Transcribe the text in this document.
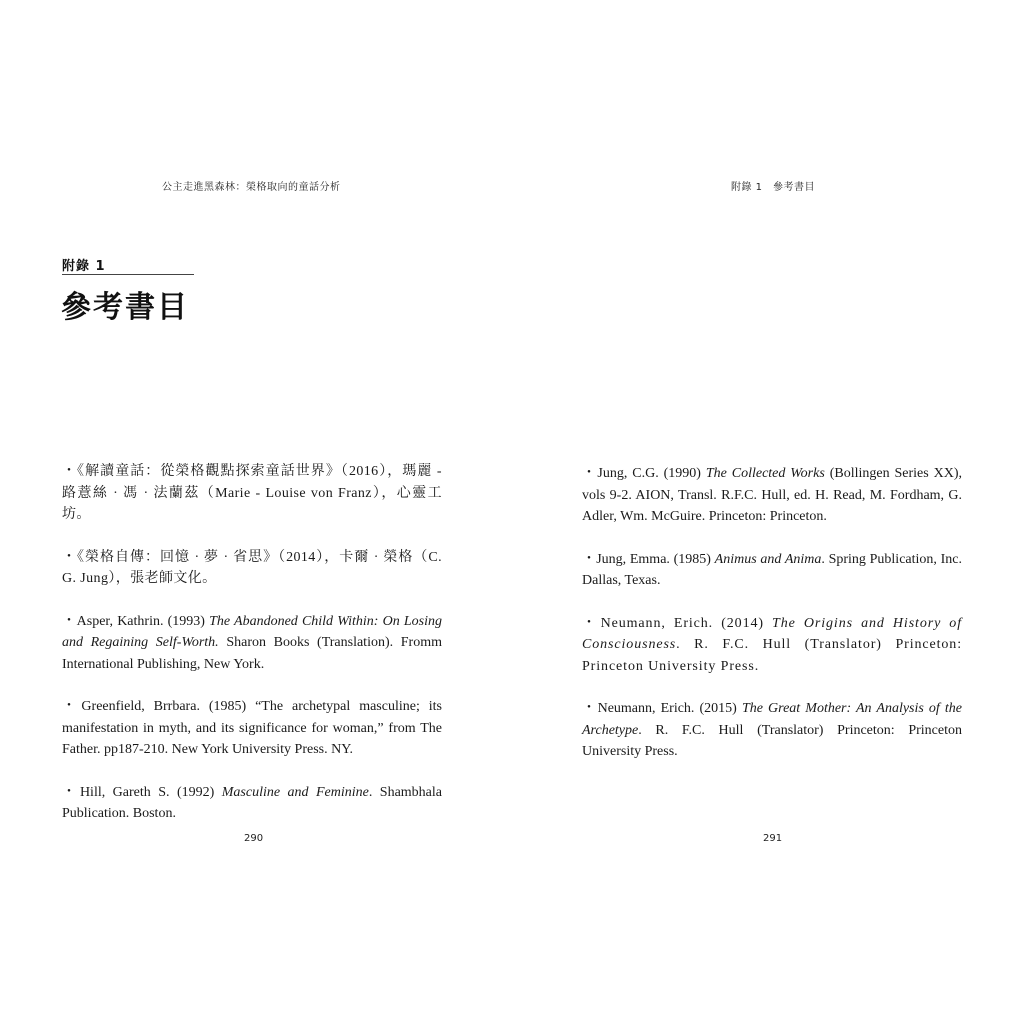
公主走進黑森林：榮格取向的童話分析
附錄 1
參考書目

・《解讀童話：從榮格觀點探索童話世界》（2016），瑪麗 - 路薏絲 · 馮 · 法蘭茲（Marie - Louise von Franz），心靈工坊。

・《榮格自傳：回憶 · 夢 · 省思》（2014），卡爾 · 榮格（C. G. Jung），張老師文化。

・Asper, Kathrin. (1993) The Abandoned Child Within: On Losing and Regaining Self-Worth. Sharon Books (Translation). Fromm International Publishing, New York.

・Greenfield, Brrbara. (1985) “The archetypal masculine; its manifestation in myth, and its significance for woman,” from The Father. pp187-210. New York University Press. NY.

・Hill, Gareth S. (1992) Masculine and Feminine. Shambhala Publication. Boston.

290
附錄 1　參考書目

・Jung, C.G. (1990) The Collected Works (Bollingen Series XX), vols 9-2. AION, Transl. R.F.C. Hull, ed. H. Read, M. Fordham, G. Adler, Wm. McGuire. Princeton: Princeton.

・Jung, Emma. (1985) Animus and Anima. Spring Publication, Inc. Dallas, Texas.

・Neumann, Erich. (2014) The Origins and History of Consciousness. R. F.C. Hull (Translator) Princeton: Princeton University Press.

・Neumann, Erich. (2015) The Great Mother: An Analysis of the Archetype. R. F.C. Hull (Translator) Princeton: Princeton University Press.

291
